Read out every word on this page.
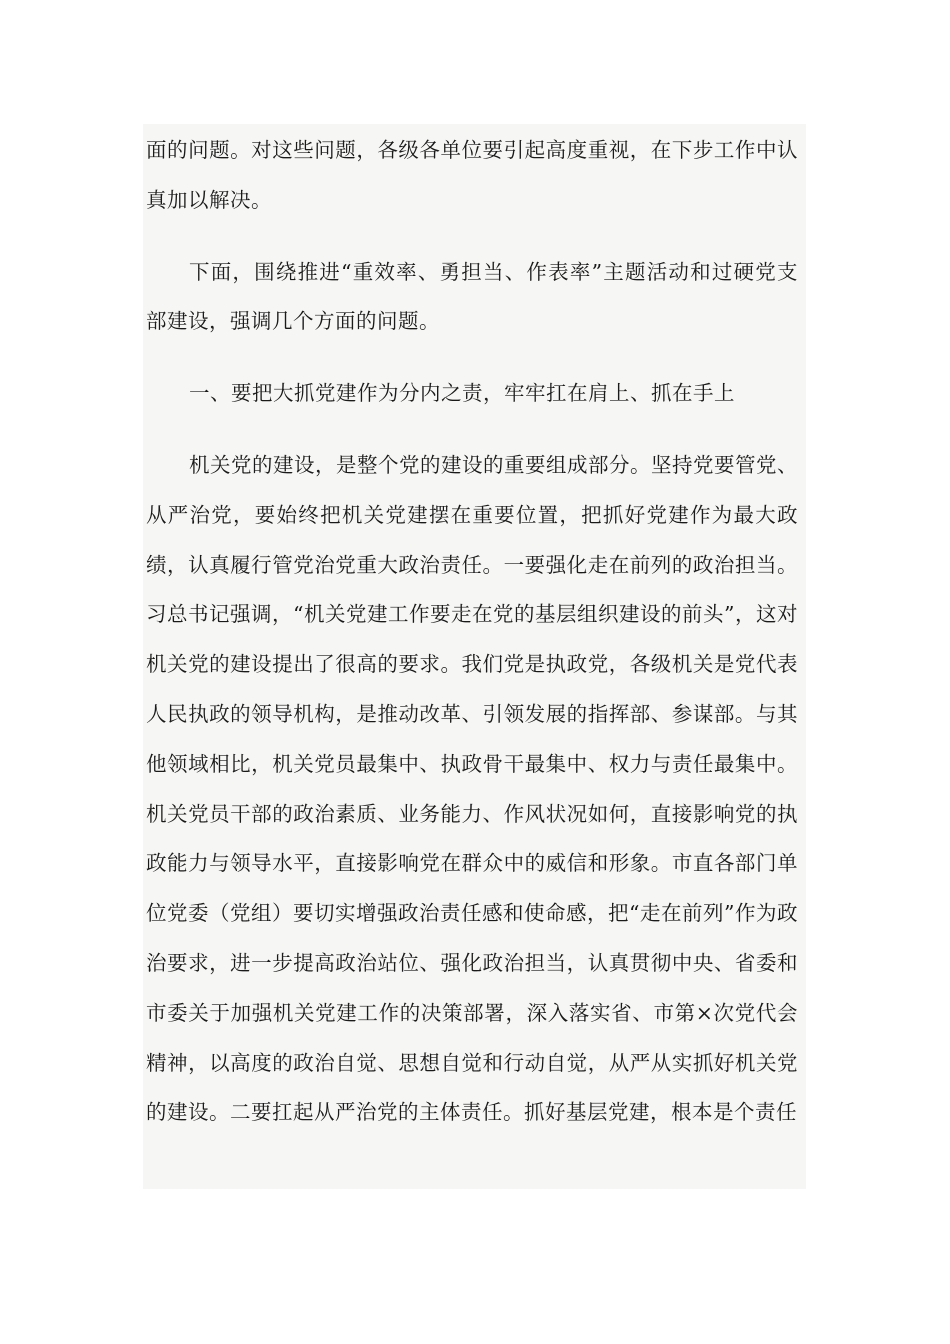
面的问题。对这些问题，各级各单位要引起高度重视，在下步工作中认真加以解决。

下面，围绕推进“重效率、勇担当、作表率”主题活动和过硬党支部建设，强调几个方面的问题。

一、要把大抓党建作为分内之责，牢牢扛在肩上、抓在手上

机关党的建设，是整个党的建设的重要组成部分。坚持党要管党、从严治党，要始终把机关党建摆在重要位置，把抓好党建作为最大政绩，认真履行管党治党重大政治责任。一要强化走在前列的政治担当。习总书记强调，“机关党建工作要走在党的基层组织建设的前头”，这对机关党的建设提出了很高的要求。我们党是执政党，各级机关是党代表人民执政的领导机构，是推动改革、引领发展的指挥部、参谋部。与其他领域相比，机关党员最集中、执政骨干最集中、权力与责任最集中。机关党员干部的政治素质、业务能力、作风状况如何，直接影响党的执政能力与领导水平，直接影响党在群众中的威信和形象。市直各部门单位党委（党组）要切实增强政治责任感和使命感，把“走在前列”作为政治要求，进一步提高政治站位、强化政治担当，认真贯彻中央、省委和市委关于加强机关党建工作的决策部署，深入落实省、市第×次党代会精神，以高度的政治自觉、思想自觉和行动自觉，从严从实抓好机关党的建设。二要扛起从严治党的主体责任。抓好基层党建，根本是个责任
